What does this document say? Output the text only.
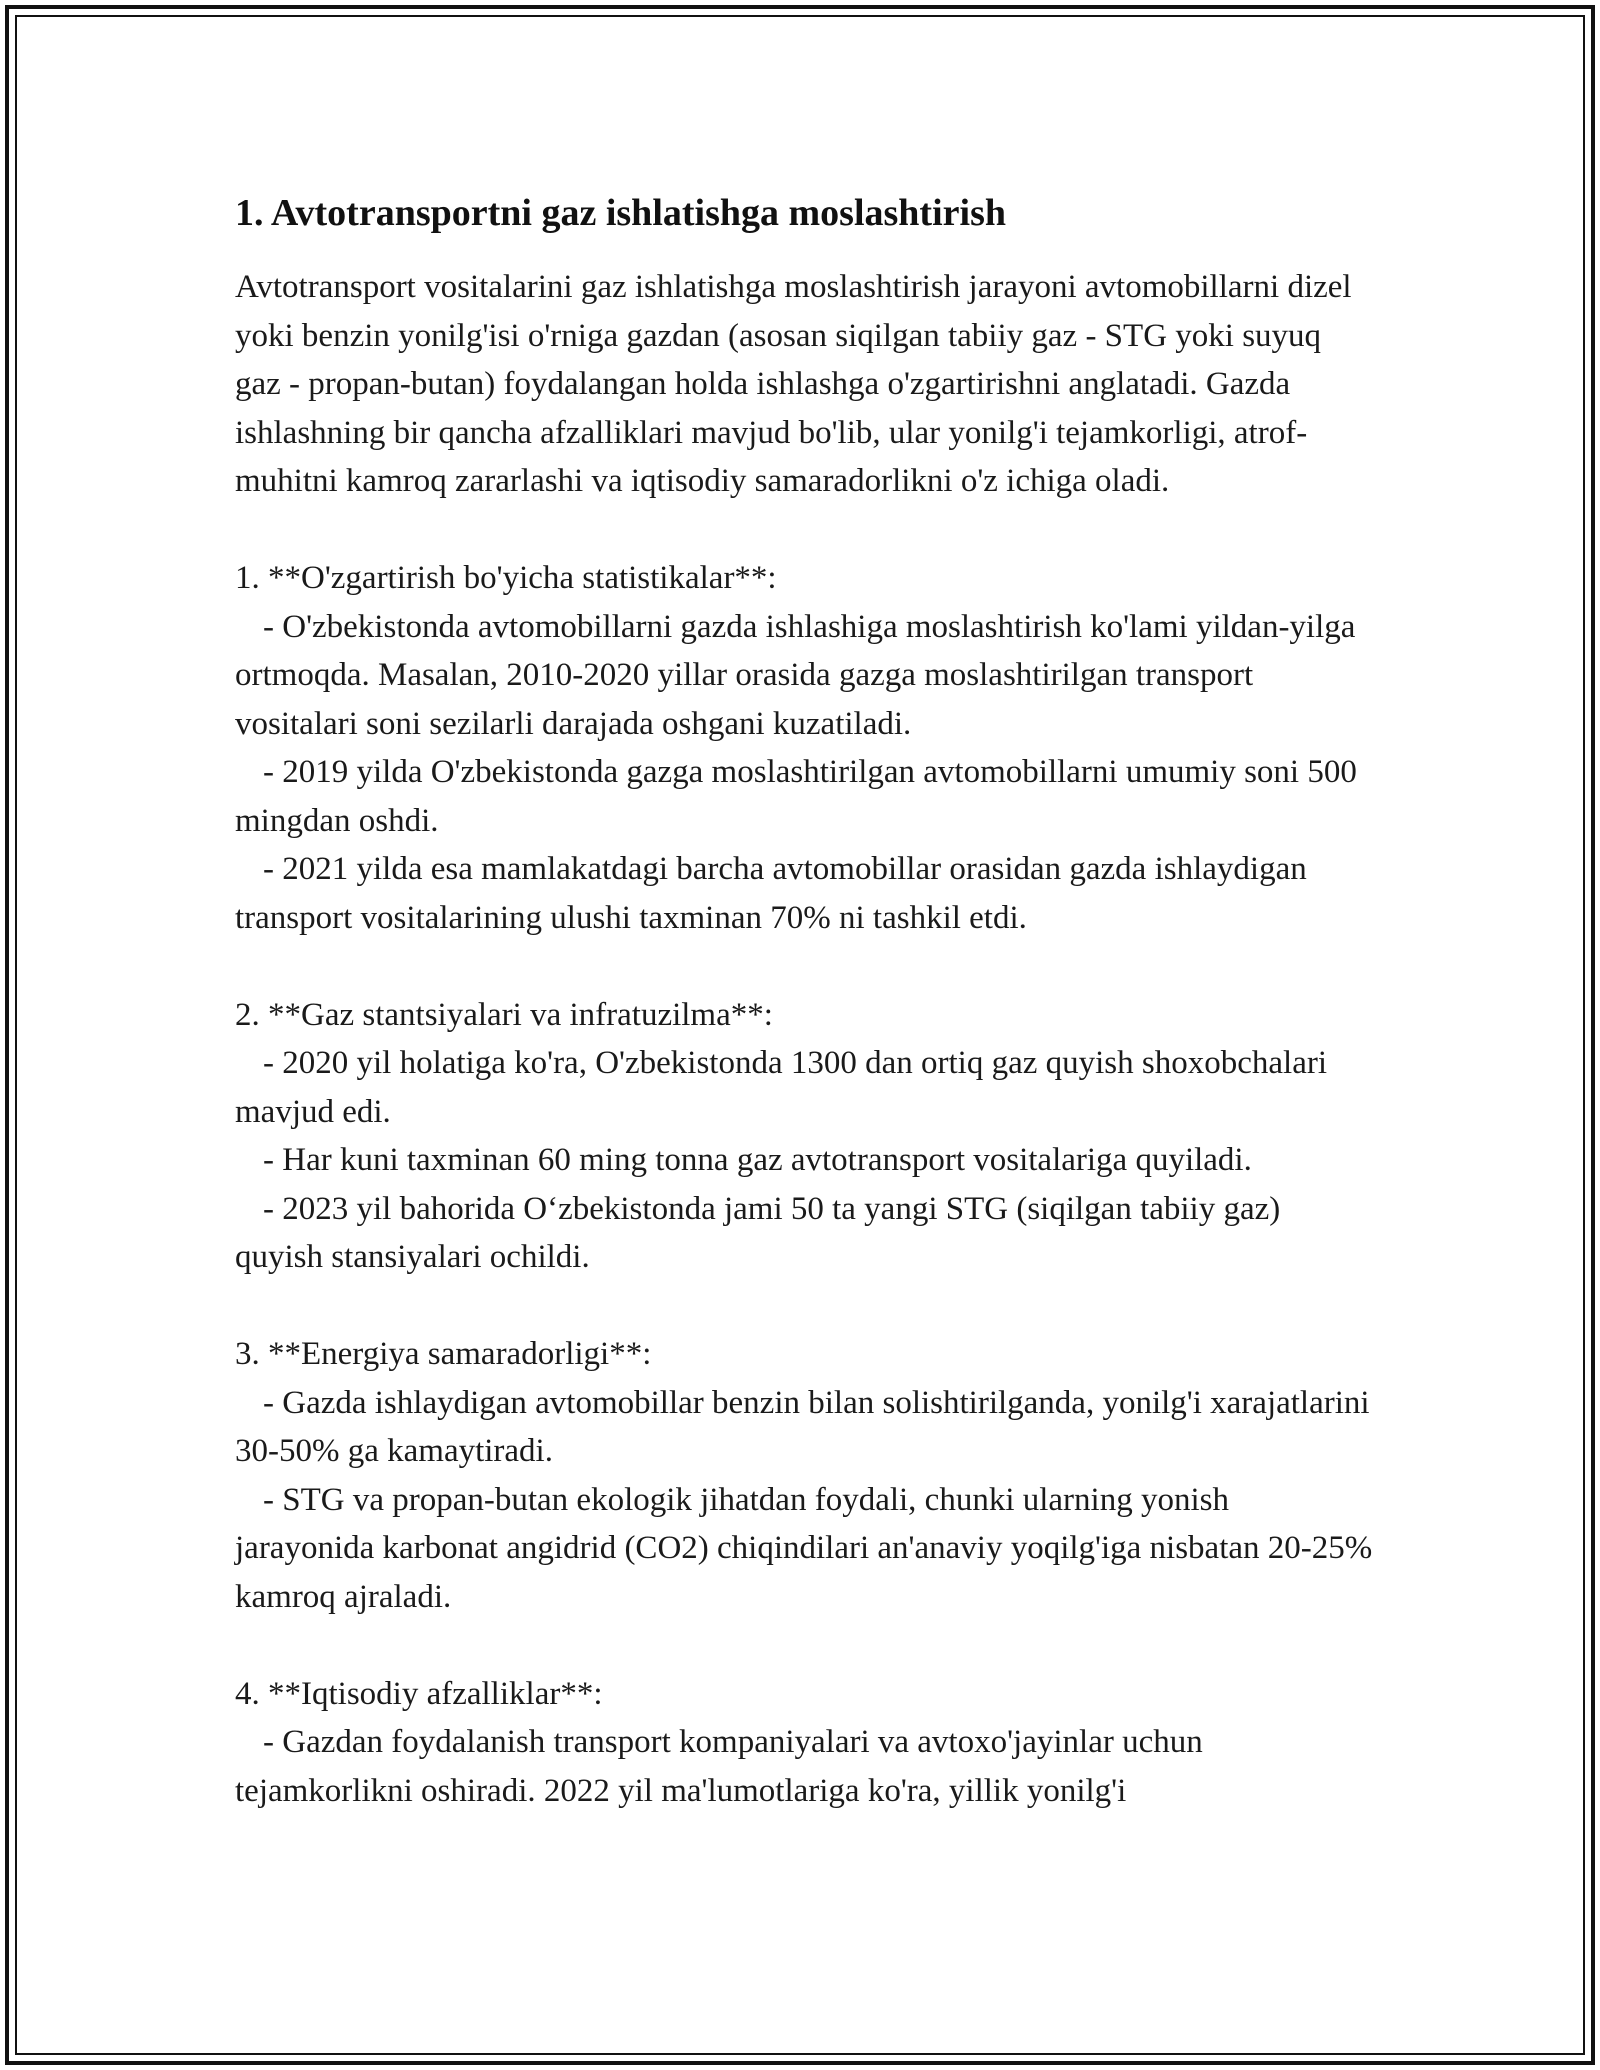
1. Avtotransportni gaz ishlatishga moslashtirish

Avtotransport vositalarini gaz ishlatishga moslashtirish jarayoni avtomobillarni dizel yoki benzin yonilg'isi o'rniga gazdan (asosan siqilgan tabiiy gaz - STG yoki suyuq gaz - propan-butan) foydalangan holda ishlashga o'zgartirishni anglatadi. Gazda ishlashning bir qancha afzalliklari mavjud bo'lib, ular yonilg'i tejamkorligi, atrof-muhitni kamroq zararlashi va iqtisodiy samaradorlikni o'z ichiga oladi.

1. **O'zgartirish bo'yicha statistikalar**:

- O'zbekistonda avtomobillarni gazda ishlashiga moslashtirish ko'lami yildan-yilga ortmoqda. Masalan, 2010-2020 yillar orasida gazga moslashtirilgan transport vositalari soni sezilarli darajada oshgani kuzatiladi.

- 2019 yilda O'zbekistonda gazga moslashtirilgan avtomobillarni umumiy soni 500 mingdan oshdi.

- 2021 yilda esa mamlakatdagi barcha avtomobillar orasidan gazda ishlaydigan transport vositalarining ulushi taxminan 70% ni tashkil etdi.

2. **Gaz stantsiyalari va infratuzilma**:

- 2020 yil holatiga ko'ra, O'zbekistonda 1300 dan ortiq gaz quyish shoxobchalari mavjud edi.

- Har kuni taxminan 60 ming tonna gaz avtotransport vositalariga quyiladi.

- 2023 yil bahorida O‘zbekistonda jami 50 ta yangi STG (siqilgan tabiiy gaz) quyish stansiyalari ochildi.

3. **Energiya samaradorligi**:

- Gazda ishlaydigan avtomobillar benzin bilan solishtirilganda, yonilg'i xarajatlarini 30-50% ga kamaytiradi.

- STG va propan-butan ekologik jihatdan foydali, chunki ularning yonish jarayonida karbonat angidrid (CO2) chiqindilari an'anaviy yoqilg'iga nisbatan 20-25% kamroq ajraladi.

4. **Iqtisodiy afzalliklar**:

- Gazdan foydalanish transport kompaniyalari va avtoxo'jayinlar uchun tejamkorlikni oshiradi. 2022 yil ma'lumotlariga ko'ra, yillik yonilg'i
